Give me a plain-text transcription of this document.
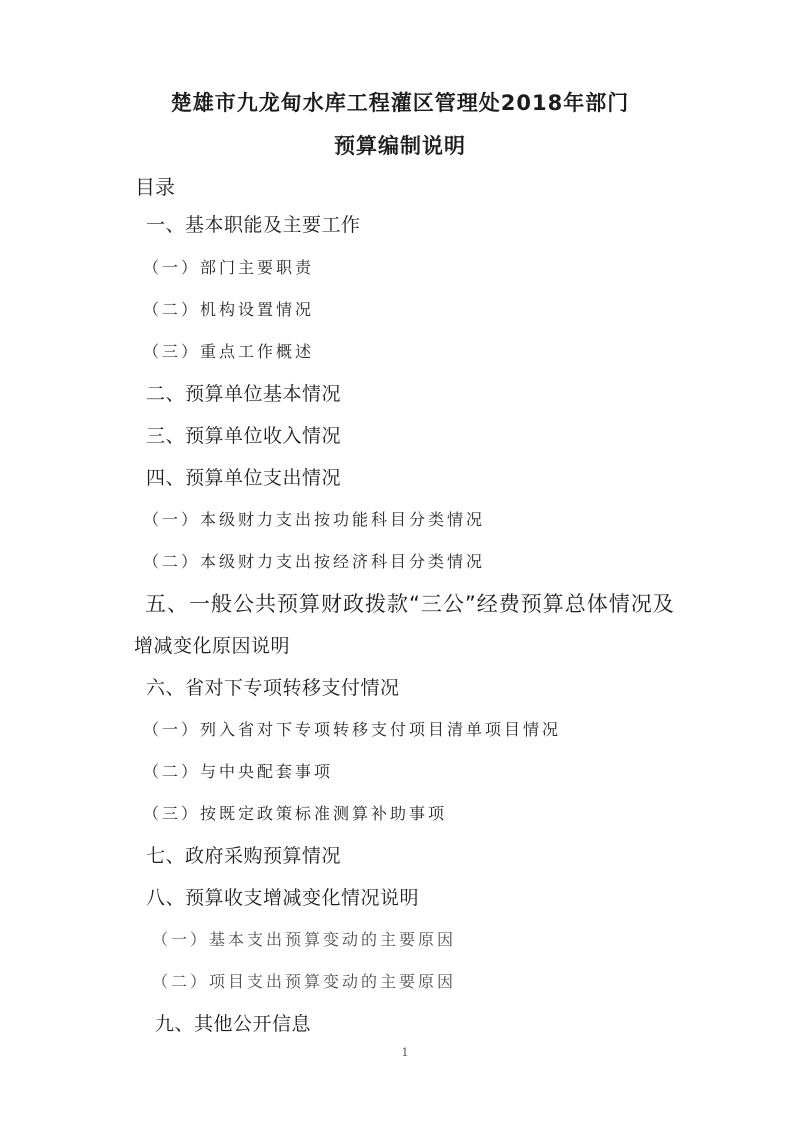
楚雄市九龙甸水库工程灌区管理处2018年部门
预算编制说明
目录
一、基本职能及主要工作
（一）部门主要职责
（二）机构设置情况
（三）重点工作概述
二、预算单位基本情况
三、预算单位收入情况
四、预算单位支出情况
（一）本级财力支出按功能科目分类情况
（二）本级财力支出按经济科目分类情况
五、一般公共预算财政拨款“三公”经费预算总体情况及
增减变化原因说明
六、省对下专项转移支付情况
（一）列入省对下专项转移支付项目清单项目情况
（二）与中央配套事项
（三）按既定政策标准测算补助事项
七、政府采购预算情况
八、预算收支增减变化情况说明
（一）基本支出预算变动的主要原因
（二）项目支出预算变动的主要原因
九、其他公开信息
1
